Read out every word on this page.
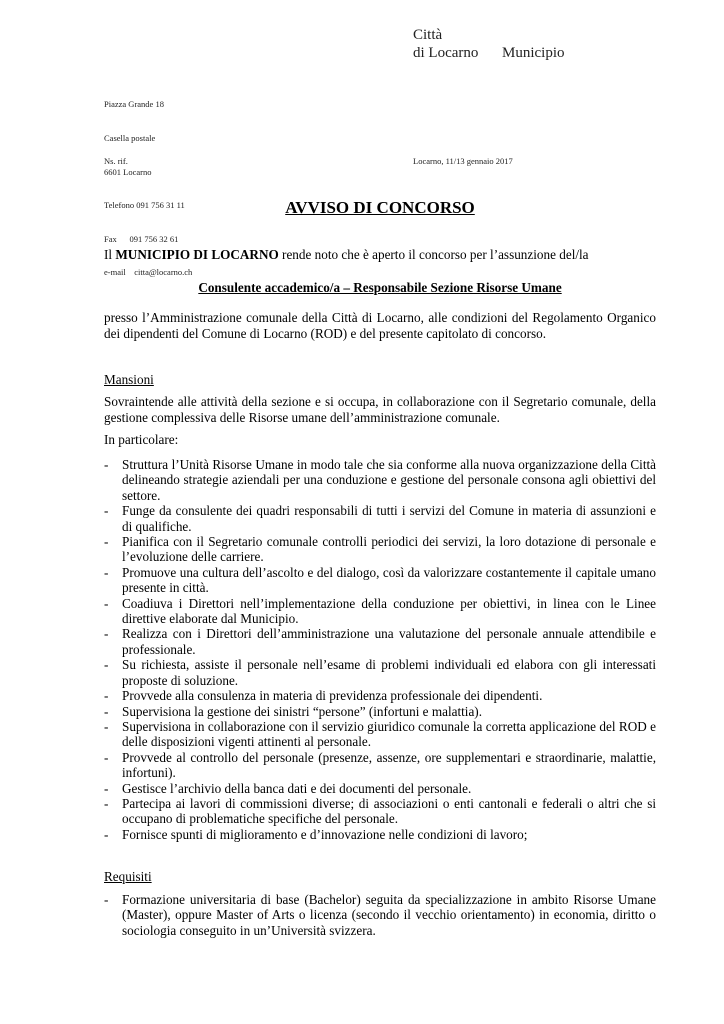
Città
di Locarno Municipio

Piazza Grande 18

Casella postale

6601 Locarno

Telefono 091 756 31 11

Fax      091 756 32 61

e-mail    citta@locarno.ch

Ns. rif.	Locarno, 11/13 gennaio 2017
AVVISO DI CONCORSO
Il MUNICIPIO DI LOCARNO rende noto che è aperto il concorso per l’assunzione del/la
Consulente accademico/a – Responsabile Sezione Risorse Umane
presso l’Amministrazione comunale della Città di Locarno, alle condizioni del Regolamento Organico dei dipendenti del Comune di Locarno (ROD) e del presente capitolato di concorso.
Mansioni
Sovraintende alle attività della sezione e si occupa, in collaborazione con il Segretario comunale, della gestione complessiva delle Risorse umane dell’amministrazione comunale.
In particolare:
- Struttura l’Unità Risorse Umane in modo tale che sia conforme alla nuova organizzazione della Città delineando strategie aziendali per una conduzione e gestione del personale consona agli obiettivi del settore.
- Funge da consulente dei quadri responsabili di tutti i servizi del Comune in materia di assunzioni e di qualifiche.
- Pianifica con il Segretario comunale controlli periodici dei servizi, la loro dotazione di personale e l’evoluzione delle carriere.
- Promuove una cultura dell’ascolto e del dialogo, così da valorizzare costantemente il capitale umano presente in città.
- Coadiuva i Direttori nell’implementazione della conduzione per obiettivi, in linea con le Linee direttive elaborate dal Municipio.
- Realizza con i Direttori dell’amministrazione una valutazione del personale annuale attendibile e professionale.
- Su richiesta, assiste il personale nell’esame di problemi individuali ed elabora con gli interessati proposte di soluzione.
- Provvede alla consulenza in materia di previdenza professionale dei dipendenti.
- Supervisiona la gestione dei sinistri “persone” (infortuni e malattia).
- Supervisiona in collaborazione con il servizio giuridico comunale la corretta applicazione del ROD e delle disposizioni vigenti attinenti al personale.
- Provvede al controllo del personale (presenze, assenze, ore supplementari e straordinarie, malattie, infortuni).
- Gestisce l’archivio della banca dati e dei documenti del personale.
- Partecipa ai lavori di commissioni diverse; di associazioni o enti cantonali e federali o altri che si occupano di problematiche specifiche del personale.
- Fornisce spunti di miglioramento e d’innovazione nelle condizioni di lavoro;
Requisiti
- Formazione universitaria di base (Bachelor) seguita da specializzazione in ambito Risorse Umane (Master), oppure Master of Arts o licenza (secondo il vecchio orientamento) in economia, diritto o sociologia conseguito in un’Università svizzera.
